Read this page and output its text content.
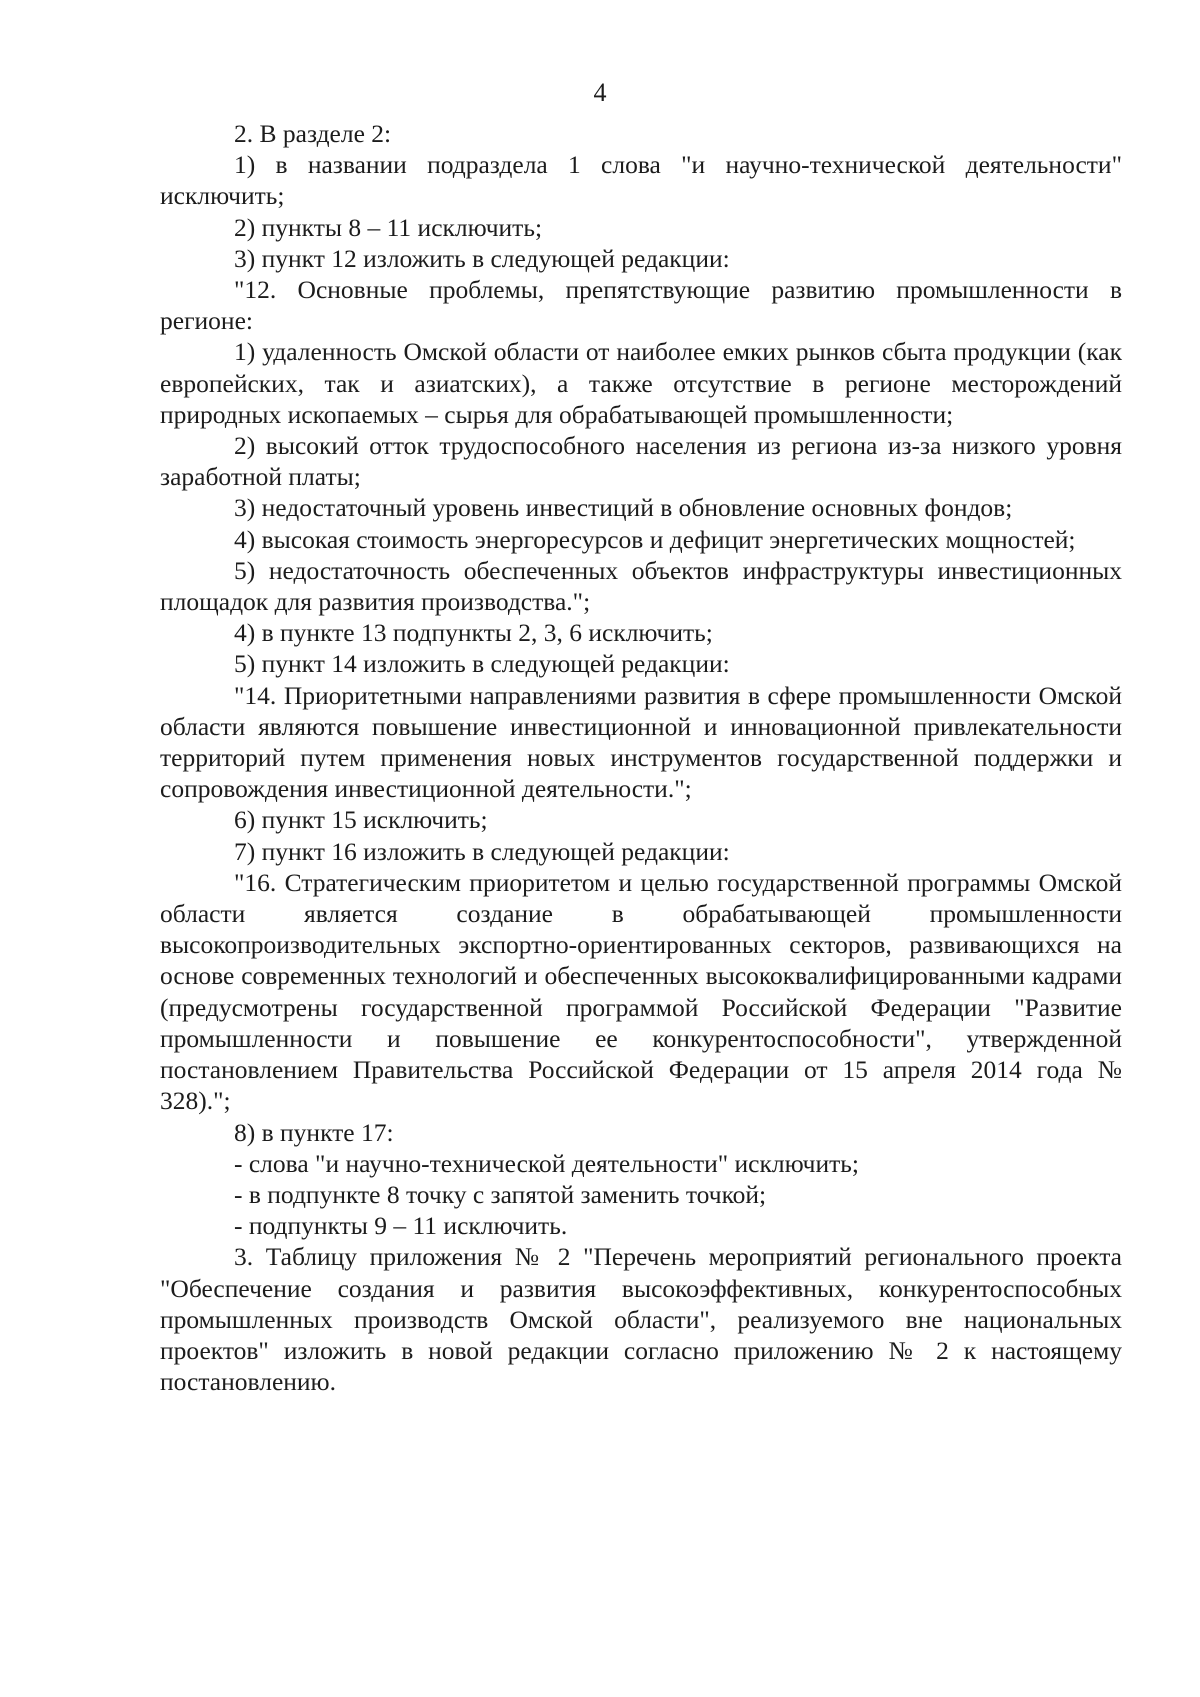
4

2. В разделе 2:

1) в названии подраздела 1 слова "и научно-технической деятельности" исключить;

2) пункты 8 – 11 исключить;

3) пункт 12 изложить в следующей редакции:

"12. Основные проблемы, препятствующие развитию промышленности в регионе:

1) удаленность Омской области от наиболее емких рынков сбыта продукции (как европейских, так и азиатских), а также отсутствие в регионе месторождений природных ископаемых – сырья для обрабатывающей промышленности;

2) высокий отток трудоспособного населения из региона из-за низкого уровня заработной платы;

3) недостаточный уровень инвестиций в обновление основных фондов;

4) высокая стоимость энергоресурсов и дефицит энергетических мощностей;

5) недостаточность обеспеченных объектов инфраструктуры инвестиционных площадок для развития производства.";

4) в пункте 13 подпункты 2, 3, 6 исключить;

5) пункт 14 изложить в следующей редакции:

"14. Приоритетными направлениями развития в сфере промышленности Омской области являются повышение инвестиционной и инновационной привлекательности территорий путем применения новых инструментов государственной поддержки и сопровождения инвестиционной деятельности.";

6) пункт 15 исключить;

7) пункт 16 изложить в следующей редакции:

"16. Стратегическим приоритетом и целью государственной программы Омской области является создание в обрабатывающей промышленности высокопроизводительных экспортно-ориентированных секторов, развивающихся на основе современных технологий и обеспеченных высококвалифицированными кадрами (предусмотрены государственной программой Российской Федерации "Развитие промышленности и повышение ее конкурентоспособности", утвержденной постановлением Правительства Российской Федерации от 15 апреля 2014 года № 328).";

8) в пункте 17:

- слова "и научно-технической деятельности" исключить;

- в подпункте 8 точку с запятой заменить точкой;

- подпункты 9 – 11 исключить.

3. Таблицу приложения № 2 "Перечень мероприятий регионального проекта "Обеспечение создания и развития высокоэффективных, конкурентоспособных промышленных производств Омской области", реализуемого вне национальных проектов" изложить в новой редакции согласно приложению № 2 к настоящему постановлению.
